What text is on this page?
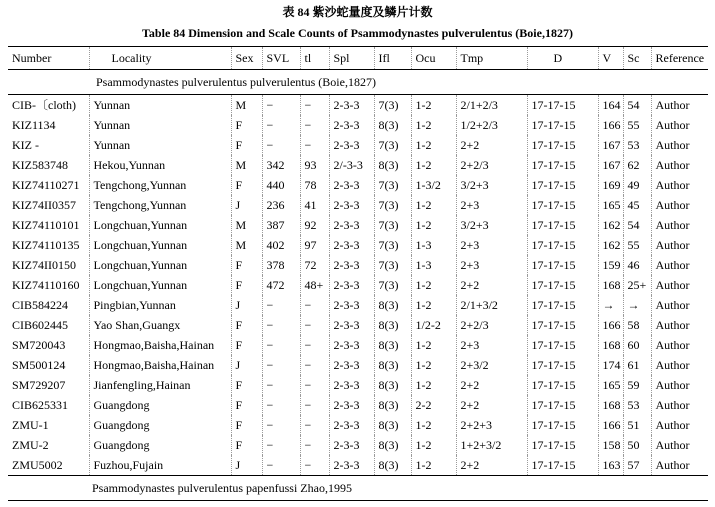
表 84 紫沙蛇量度及鳞片计数
Table 84 Dimension and Scale Counts of Psammodynastes pulverulentus (Boie,1827)
Number	Locality	Sex	SVL	tl	Spl	Ifl	Ocu	Tmp	D	V	Sc	Reference
Psammodynastes pulverulentus pulverulentus (Boie,1827)												
CIB-〔cloth)	Yunnan	M	−	−	2-3-3	7(3)	1-2	2/1+2/3	17-17-15	164	54	Author
KIZ1134	Yunnan	F	−	−	2-3-3	8(3)	1-2	1/2+2/3	17-17-15	166	55	Author
KIZ -	Yunnan	F	−	−	2-3-3	7(3)	1-2	2+2	17-17-15	167	53	Author
KIZ583748	Hekou,Yunnan	M	342	93	2/-3-3	8(3)	1-2	2+2/3	17-17-15	167	62	Author
KIZ74110271	Tengchong,Yunnan	F	440	78	2-3-3	7(3)	1-3/2	3/2+3	17-17-15	169	49	Author
KIZ74II0357	Tengchong,Yunnan	J	236	41	2-3-3	7(3)	1-2	2+3	17-17-15	165	45	Author
KIZ74110101	Longchuan,Yunnan	M	387	92	2-3-3	7(3)	1-2	3/2+3	17-17-15	162	54	Author
KIZ74110135	Longchuan,Yunnan	M	402	97	2-3-3	7(3)	1-3	2+3	17-17-15	162	55	Author
KIZ74II0150	Longchuan,Yunnan	F	378	72	2-3-3	7(3)	1-3	2+3	17-17-15	159	46	Author
KIZ74110160	Longchuan,Yunnan	F	472	48+	2-3-3	7(3)	1-2	2+2	17-17-15	168	25+	Author
CIB584224	Pingbian,Yunnan	J	−	−	2-3-3	8(3)	1-2	2/1+3/2	17-17-15	→	→	Author
CIB602445	Yao Shan,Guangx	F	−	−	2-3-3	8(3)	1/2-2	2+2/3	17-17-15	166	58	Author
SM720043	Hongmao,Baisha,Hainan	F	−	−	2-3-3	8(3)	1-2	2+3	17-17-15	168	60	Author
SM500124	Hongmao,Baisha,Hainan	J	−	−	2-3-3	8(3)	1-2	2+3/2	17-17-15	174	61	Author
SM729207	Jianfengling,Hainan	F	−	−	2-3-3	8(3)	1-2	2+2	17-17-15	165	59	Author
CIB625331	Guangdong	F	−	−	2-3-3	8(3)	2-2	2+2	17-17-15	168	53	Author
ZMU-1	Guangdong	F	−	−	2-3-3	8(3)	1-2	2+2+3	17-17-15	166	51	Author
ZMU-2	Guangdong	F	−	−	2-3-3	8(3)	1-2	1+2+3/2	17-17-15	158	50	Author
ZMU5002	Fuzhou,Fujain	J	−	−	2-3-3	8(3)	1-2	2+2	17-17-15	163	57	Author
Psammodynastes pulverulentus papenfussi Zhao,1995												
